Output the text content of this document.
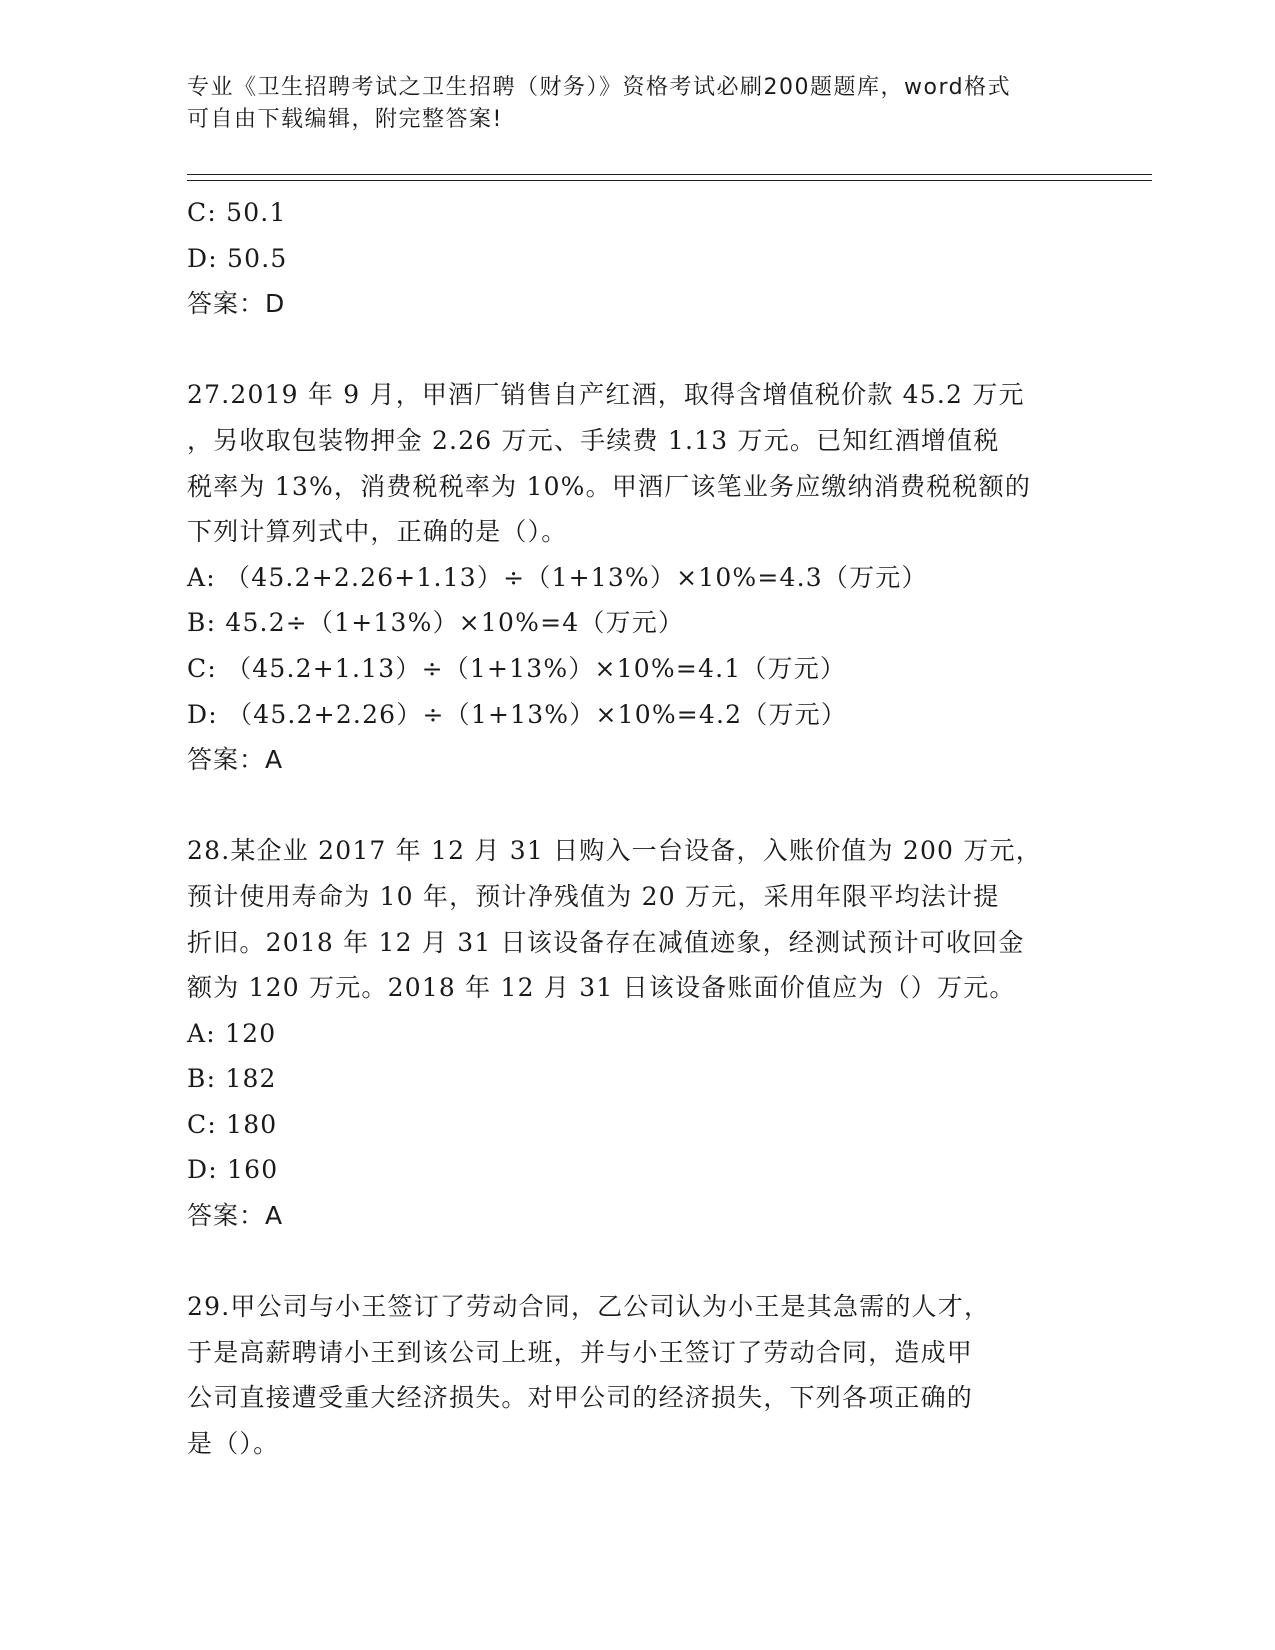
专业《卫生招聘考试之卫生招聘（财务）》资格考试必刷200题题库，word格式
可自由下载编辑，附完整答案!
C: 50.1
D: 50.5
答案：D
27.2019 年 9 月，甲酒厂销售自产红酒，取得含增值税价款 45.2 万元
，另收取包装物押金 2.26 万元、手续费 1.13 万元。已知红酒增值税
税率为 13%，消费税税率为 10%。甲酒厂该笔业务应缴纳消费税税额的
下列计算列式中，正确的是（）。
A: （45.2+2.26+1.13）÷（1+13%）×10%=4.3（万元）
B: 45.2÷（1+13%）×10%=4（万元）
C: （45.2+1.13）÷（1+13%）×10%=4.1（万元）
D: （45.2+2.26）÷（1+13%）×10%=4.2（万元）
答案：A
28.某企业 2017 年 12 月 31 日购入一台设备，入账价值为 200 万元，
预计使用寿命为 10 年，预计净残值为 20 万元，采用年限平均法计提
折旧。2018 年 12 月 31 日该设备存在减值迹象，经测试预计可收回金
额为 120 万元。2018 年 12 月 31 日该设备账面价值应为（）万元。
A: 120
B: 182
C: 180
D: 160
答案：A
29.甲公司与小王签订了劳动合同，乙公司认为小王是其急需的人才，
于是高薪聘请小王到该公司上班，并与小王签订了劳动合同，造成甲
公司直接遭受重大经济损失。对甲公司的经济损失，下列各项正确的
是（）。
